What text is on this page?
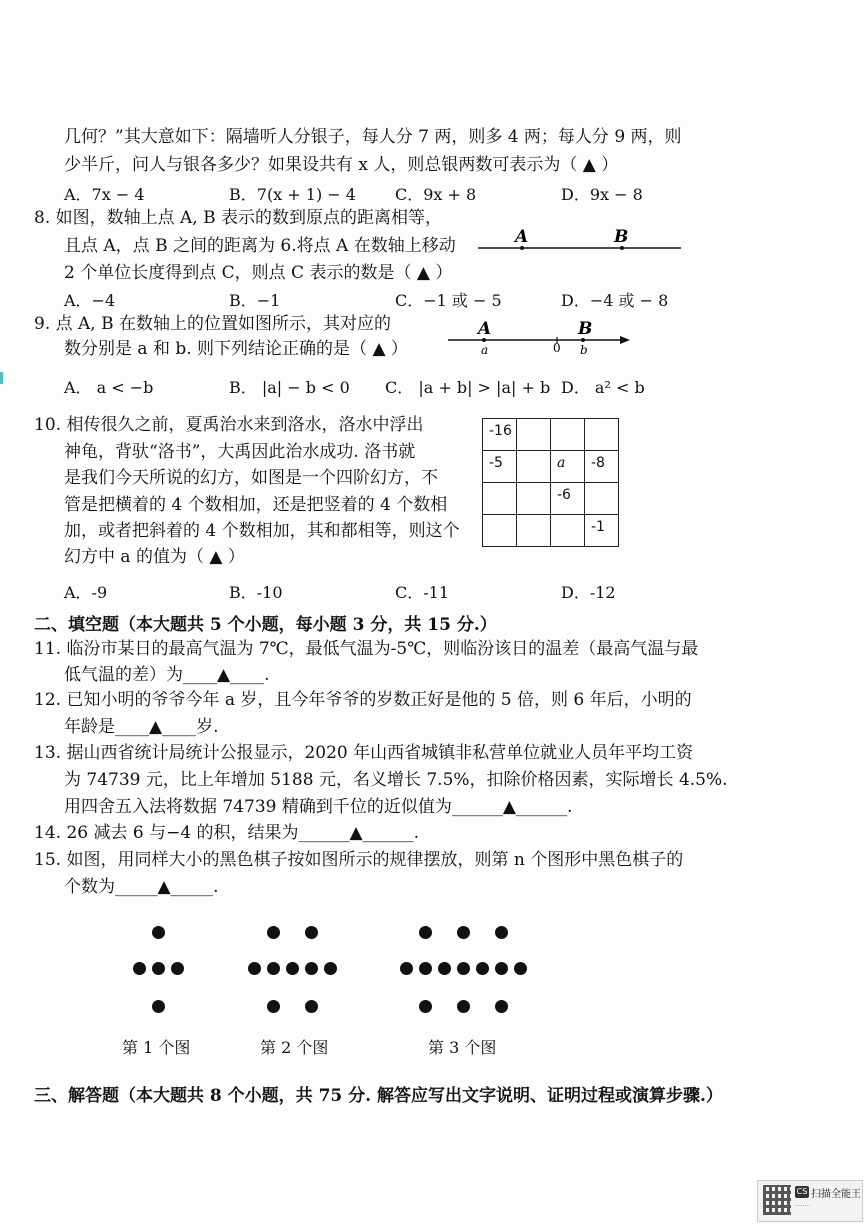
几何？”其大意如下：隔墙听人分银子，每人分 7 两，则多 4 两；每人分 9 两，则
少半斤，问人与银各多少？如果设共有 x 人，则总银两数可表示为（ ▲ ）
A．7x − 4	B．7(x + 1) − 4 C．9x + 8	D．9x − 8
8. 如图，数轴上点 A, B 表示的数到原点的距离相等，
且点 A，点 B 之间的距离为 6.将点 A 在数轴上移动
2 个单位长度得到点 C，则点 C 表示的数是（ ▲ ）
A	B
A．−4	B．−1	C．−1 或 − 5	D．−4 或 − 8
9. 点 A, B 在数轴上的位置如图所示，其对应的
数分别是 a 和 b. 则下列结论正确的是（ ▲ ）
A	B
a	0 b
A． a < −b	B． |a| − b < 0 C． |a + b| > |a| + b D． a² < b
10. 相传很久之前，夏禹治水来到洛水，洛水中浮出
神龟，背驮“洛书”，大禹因此治水成功. 洛书就
是我们今天所说的幻方，如图是一个四阶幻方，不
管是把横着的 4 个数相加，还是把竖着的 4 个数相
加，或者把斜着的 4 个数相加，其和都相等，则这个
幻方中 a 的值为（ ▲ ）
-16			

-5		a	-8

		-6	

			-1
A．-9	B．-10	C．-11	D．-12
二、填空题（本大题共 5 个小题，每小题 3 分，共 15 分.）
11. 临汾市某日的最高气温为 7℃，最低气温为-5℃，则临汾该日的温差（最高气温与最
低气温的差）为____▲____.
12. 已知小明的爷爷今年 a 岁，且今年爷爷的岁数正好是他的 5 倍，则 6 年后，小明的
年龄是____▲____岁.
13. 据山西省统计局统计公报显示，2020 年山西省城镇非私营单位就业人员年平均工资
为 74739 元，比上年增加 5188 元，名义增长 7.5%，扣除价格因素，实际增长 4.5%.
用四舍五入法将数据 74739 精确到千位的近似值为______▲______.
14. 26 减去 6 与−4 的积，结果为______▲______.
15. 如图，用同样大小的黑色棋子按如图所示的规律摆放，则第 n 个图形中黑色棋子的
个数为_____▲_____.
第 1 个图	第 2 个图	第 3 个图
三、解答题（本大题共 8 个小题，共 75 分. 解答应写出文字说明、证明过程或演算步骤.）
CS 扫描全能王
········
